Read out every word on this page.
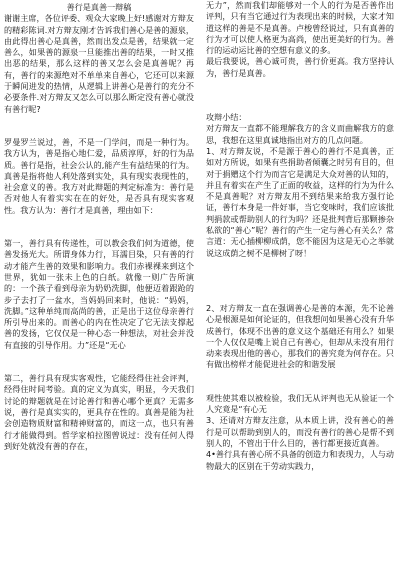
善行是真善一辩稿

谢谢主席，各位评委、观众大家晚上好!感谢对方辩友的精彩陈词.对方辩友刚才告诉我们善心是善的源泉，由此得出善心是真善，然而出发点是善，结果就一定善么，如果善的源泉一旦能推出善的结果，一时又推出恶的结果，那么这样的善又怎么会是真善呢？再有，善行的来源绝对不单单来自善心，它还可以来源于瞬间进发的热情，从逻辑上讲善心是善行的充分不必要条件.对方辩友又怎么可以那么断定没有善心就没有善行呢?

罗曼罗兰说过，善，不是一门学问，而是一种行为。我方认为，善是指心地仁爱，品质淳厚，好的行为品质。善行是指，社会公认的,能产生有益结果的行为。真善是指将他人利处落到实处，具有现实表现性的，社会意义的善。我方对此辩题的判定标准为：善行是否对他人有着实实在在的好处，是否具有现实客观性。我方认为：善行才是真善，理由如下：

第一，善行具有传递性，可以教会我们何为道德，使善发扬光大。所谓身体力行，耳濡目染，只有善的行动才能产生善的效果和影响力。我们赤裸裸来到这个世界，犹如一张未上色的白纸。就像一则广告所演的：一个孩子看到母亲为奶奶洗脚，他便迈着跟跄的步子去打了一盆水，当妈妈回来时，他说：“妈妈，洗脚。”这种单纯而高尚的善，正是出于这位母亲善行所引导出来的。而善心的内在性决定了它无法支撑起善的发扬，它仅仅是一种心态一种想法，对社会并没有直接的引导作用。力”还是“无心

第二，善行具有现实客观性，它能经得住社会评判，经得住时间考验。真的定义为真实，明显，今天我们讨论的辩题就是在讨论善行和善心哪个更真？无需多说，善行是真实实的，更具存在性的。真善是能为社会创造物质财富和精神财富的，而这一点，也只有善行才能做得到。哲学家柏拉图曾说过：没有任何人得到好处就没有善的存在，

无力”，然而我们却能够对一个人的行为是否善作出评判，只有当它通过行为表现出来的时候，大家才知道这样的善是不是真善。卢梭曾经说过，只有真善的行为才可以使人格更为高尚，使出更美好的行为。善行的运动运比善的空想有意义的多。

最后我要说，善心诚可贵，善行价更高。我方坚持认为，善行是真善。

攻辩小结：

对方辩友一直都不能理解我方的含义而曲解我方的意思，我想在这里真诚地指出对方的几点问题。

1、对方辩友说，不是源于善心的善行不是真善，正如对方所说，如果有些捐助者倾囊之时另有目的，但对于捐赠这个行为而言它是满足大众对善的认知的，并且有着实在产生了正面的收益，这样的行为为什么不是真善呢？对方辩友用不到结果来给我方强行论证，善行本身是一件好事，当它变味时，我们应该批判捐款或帮助别人的行为吗？还是批判背后那颗掺杂私欲的“善心”呢？善行的产生一定与善心有关么？常言道：无心插柳柳成荫，您不能因为这是无心之举就说这成荫之树不是柳树了呀！

2、对方辩友一直在强调善心是善的本源，先不论善心是根源是如何论证的，但我想问如果善心没有升华成善行，体现不出善的意义这个基础还有用么？如果一个人仅仅是嘴上说自己有善心，但却从未没有用行动来表现出他的善心，那我们的善究竟为何存在。只有做出榜样才能促进社会的和谐发展

观性使其难以被检验，我们无从评判也无从验证一个人究竟是“有心无

3、还请对方辩友注意，从本质上讲，没有善心的善行是可以帮助到别人的，而没有善行的善心是帮不到别人的，不管出于什么目的，善行都更接近真善。

4•善行具有善心所不具备的创造力和表现力，人与动物最大的区别在于劳动实践力，
